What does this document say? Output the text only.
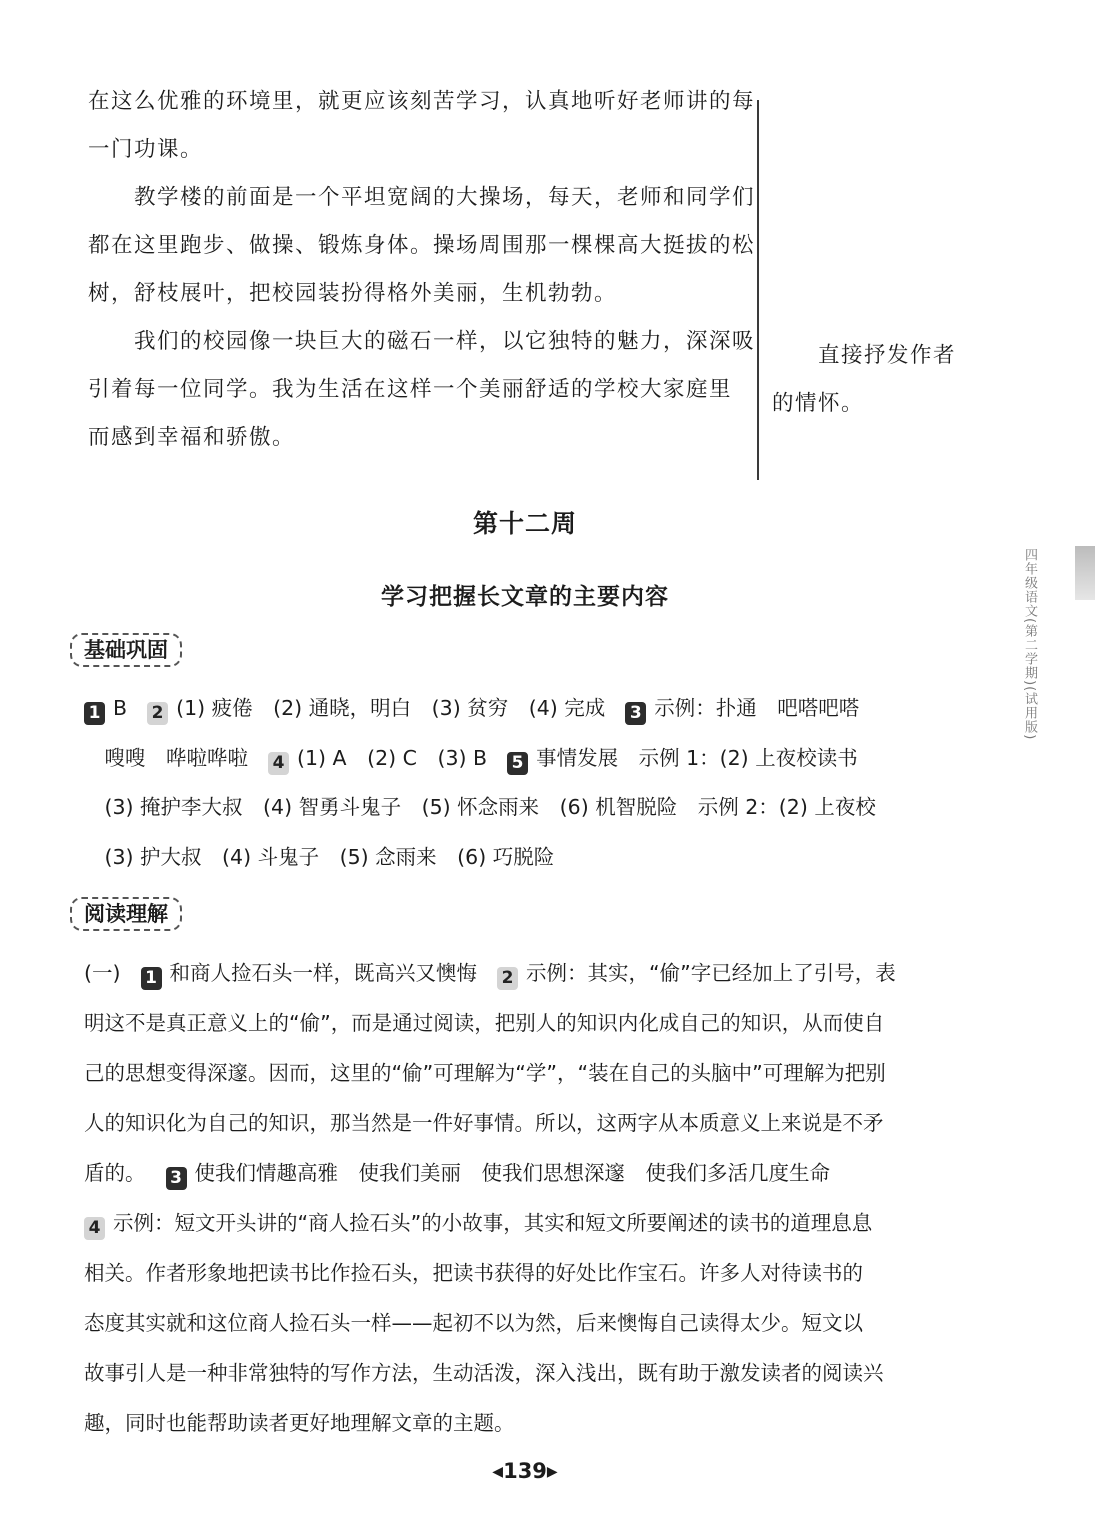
在这么优雅的环境里，就更应该刻苦学习，认真地听好老师讲的每

一门功课。

　　教学楼的前面是一个平坦宽阔的大操场，每天，老师和同学们

都在这里跑步、做操、锻炼身体。操场周围那一棵棵高大挺拔的松

树，舒枝展叶，把校园装扮得格外美丽，生机勃勃。

　　我们的校园像一块巨大的磁石一样，以它独特的魅力，深深吸

引着每一位同学。我为生活在这样一个美丽舒适的学校大家庭里

而感到幸福和骄傲。

　　直接抒发作者

的情怀。

第十二周
学习把握长文章的主要内容
基础巩固
1 B 2 (1) 疲倦　(2) 通晓，明白　(3) 贫穷　(4) 完成 3 示例：扑通　吧嗒吧嗒
　嗖嗖　哗啦哗啦 4 (1) A　(2) C　(3) B 5 事情发展　示例 1：(2) 上夜校读书
　(3) 掩护李大叔　(4) 智勇斗鬼子　(5) 怀念雨来　(6) 机智脱险　示例 2：(2) 上夜校
　(3) 护大叔　(4) 斗鬼子　(5) 念雨来　(6) 巧脱险
阅读理解
(一) 1 和商人捡石头一样，既高兴又懊悔 2 示例：其实，“偷”字已经加上了引号，表
明这不是真正意义上的“偷”，而是通过阅读，把别人的知识内化成自己的知识，从而使自
己的思想变得深邃。因而，这里的“偷”可理解为“学”，“装在自己的头脑中”可理解为把别
人的知识化为自己的知识，那当然是一件好事情。所以，这两字从本质意义上来说是不矛
盾的。 3 使我们情趣高雅　使我们美丽　使我们思想深邃　使我们多活几度生命
4 示例：短文开头讲的“商人捡石头”的小故事，其实和短文所要阐述的读书的道理息息
相关。作者形象地把读书比作捡石头，把读书获得的好处比作宝石。许多人对待读书的
态度其实就和这位商人捡石头一样——起初不以为然，后来懊悔自己读得太少。短文以
故事引人是一种非常独特的写作方法，生动活泼，深入浅出，既有助于激发读者的阅读兴
趣，同时也能帮助读者更好地理解文章的主题。
◀139▶
四年级语文(第二学期)(试用版)
